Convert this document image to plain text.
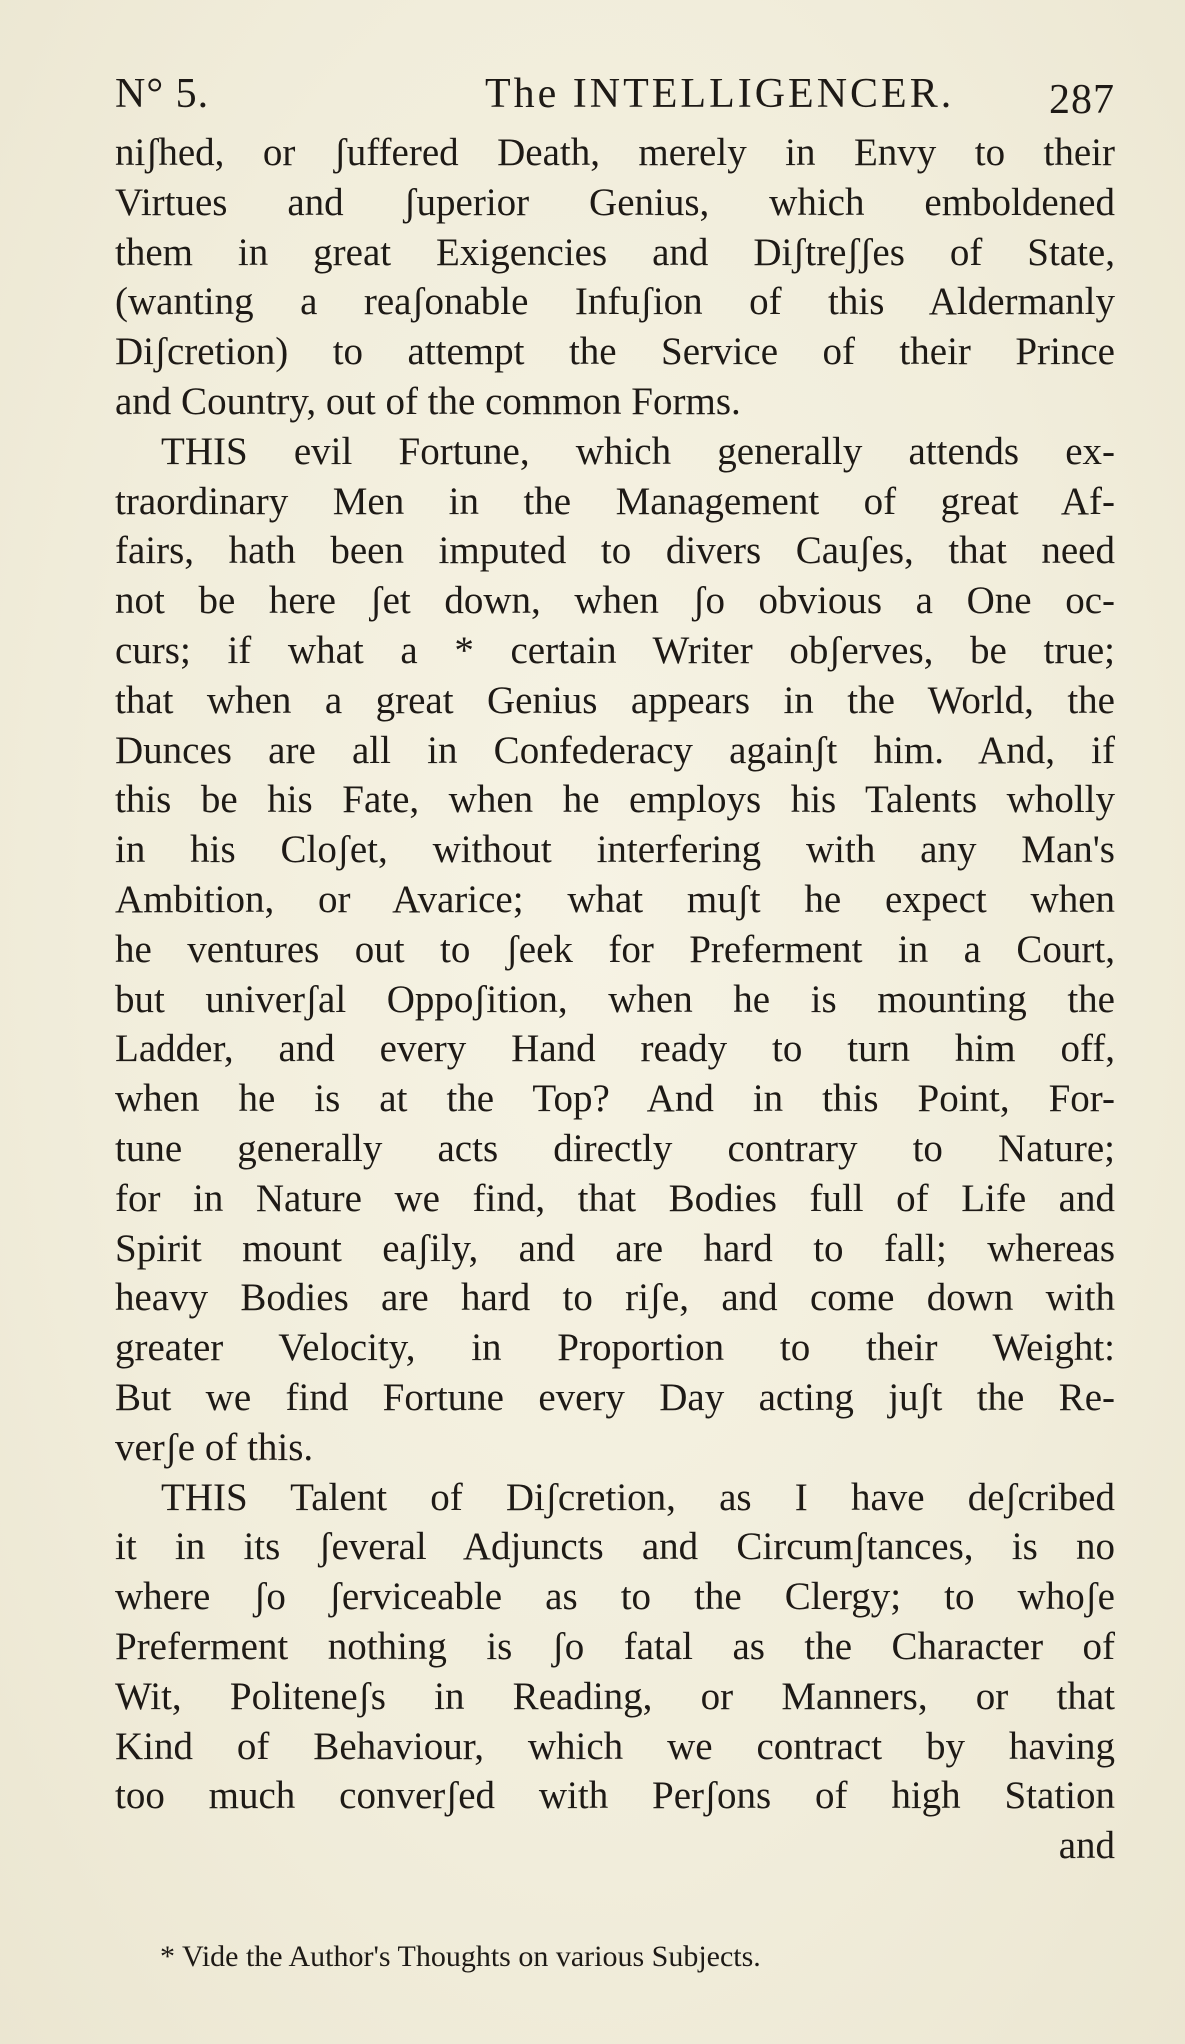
N° 5.	The INTELLIGENCER. 287
niʃhed, or ʃuffered Death, merely in Envy to their
Virtues and ʃuperior Genius, which emboldened
them in great Exigencies and Diʃtreʃʃes of State,
(wanting a reaʃonable Infuʃion of this Aldermanly
Diʃcretion) to attempt the Service of their Prince
and Country, out of the common Forms.
THIS evil Fortune, which generally attends ex-
traordinary Men in the Management of great Af-
fairs, hath been imputed to divers Cauʃes, that need
not be here ʃet down, when ʃo obvious a One oc-
curs; if what a * certain Writer obʃerves, be true;
that when a great Genius appears in the World, the
Dunces are all in Confederacy againʃt him. And, if
this be his Fate, when he employs his Talents wholly
in his Cloʃet, without interfering with any Man's
Ambition, or Avarice; what muʃt he expect when
he ventures out to ʃeek for Preferment in a Court,
but univerʃal Oppoʃition, when he is mounting the
Ladder, and every Hand ready to turn him off,
when he is at the Top? And in this Point, For-
tune generally acts directly contrary to Nature;
for in Nature we find, that Bodies full of Life and
Spirit mount eaʃily, and are hard to fall; whereas
heavy Bodies are hard to riʃe, and come down with
greater Velocity, in Proportion to their Weight:
But we find Fortune every Day acting juʃt the Re-
verʃe of this.
THIS Talent of Diʃcretion, as I have deʃcribed
it in its ʃeveral Adjuncts and Circumʃtances, is no
where ʃo ʃerviceable as to the Clergy; to whoʃe
Preferment nothing is ʃo fatal as the Character of
Wit, Politeneʃs in Reading, or Manners, or that
Kind of Behaviour, which we contract by having
too much converʃed with Perʃons of high Station
and
* Vide the Author's Thoughts on various Subjects.
